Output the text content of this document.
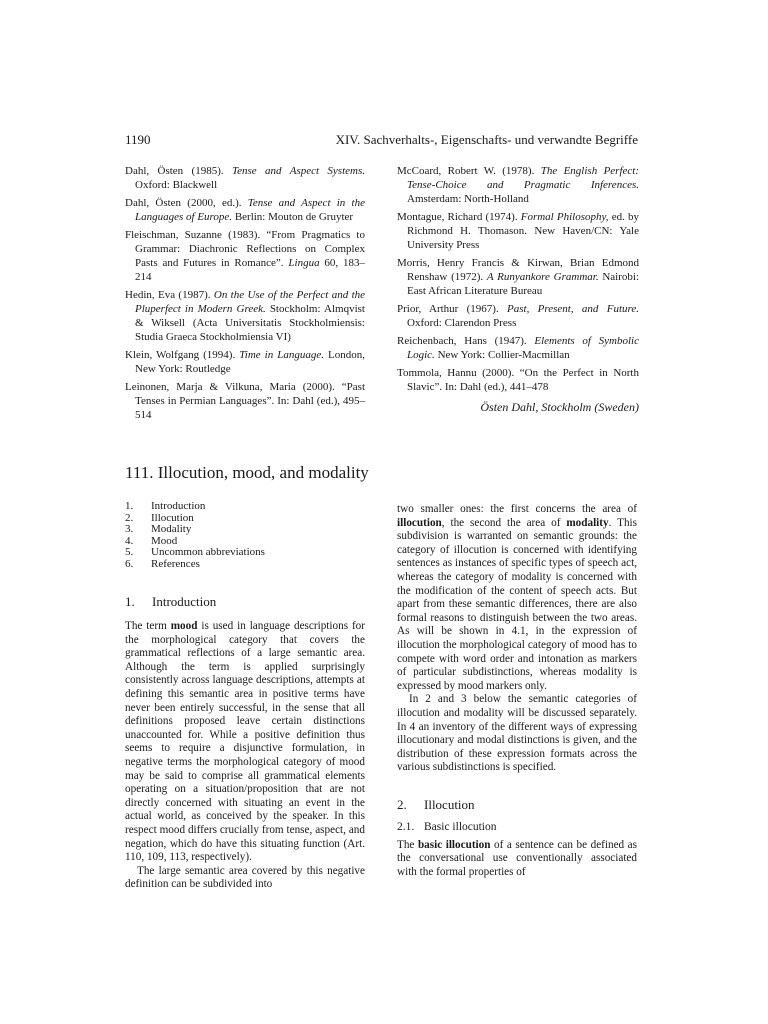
1190	XIV. Sachverhalts-, Eigenschafts- und verwandte Begriffe

Dahl, Östen (1985). Tense and Aspect Systems. Oxford: Blackwell

Dahl, Östen (2000, ed.). Tense and Aspect in the Languages of Europe. Berlin: Mouton de Gruyter

Fleischman, Suzanne (1983). “From Pragmatics to Grammar: Diachronic Reflections on Complex Pasts and Futures in Romance”. Lingua 60, 183–214

Hedin, Eva (1987). On the Use of the Perfect and the Pluperfect in Modern Greek. Stockholm: Almqvist & Wiksell (Acta Universitatis Stockholmiensis: Studia Graeca Stockholmiensia VI)

Klein, Wolfgang (1994). Time in Language. London, New York: Routledge

Leinonen, Marja & Vilkuna, Maria (2000). “Past Tenses in Permian Languages”. In: Dahl (ed.), 495–514

McCoard, Robert W. (1978). The English Perfect: Tense-Choice and Pragmatic Inferences. Amsterdam: North-Holland

Montague, Richard (1974). Formal Philosophy, ed. by Richmond H. Thomason. New Haven/CN: Yale University Press

Morris, Henry Francis & Kirwan, Brian Edmond Renshaw (1972). A Runyankore Grammar. Nairobi: East African Literature Bureau

Prior, Arthur (1967). Past, Present, and Future. Oxford: Clarendon Press

Reichenbach, Hans (1947). Elements of Symbolic Logic. New York: Collier-Macmillan

Tommola, Hannu (2000). “On the Perfect in North Slavic”. In: Dahl (ed.), 441–478

Östen Dahl, Stockholm (Sweden)
111. Illocution, mood, and modality
1.	Introduction
2.	Illocution
3.	Modality
4.	Mood
5.	Uncommon abbreviations
6.	References

1. Introduction

The term mood is used in language descriptions for the morphological category that covers the grammatical reflections of a large semantic area. Although the term is applied surprisingly consistently across language descriptions, attempts at defining this semantic area in positive terms have never been entirely successful, in the sense that all definitions proposed leave certain distinctions unaccounted for. While a positive definition thus seems to require a disjunctive formulation, in negative terms the morphological category of mood may be said to comprise all grammatical elements operating on a situation/proposition that are not directly concerned with situating an event in the actual world, as conceived by the speaker. In this respect mood differs crucially from tense, aspect, and negation, which do have this situating function (Art. 110, 109, 113, respectively).

The large semantic area covered by this negative definition can be subdivided into

two smaller ones: the first concerns the area of illocution, the second the area of modality. This subdivision is warranted on semantic grounds: the category of illocution is concerned with identifying sentences as instances of specific types of speech act, whereas the category of modality is concerned with the modification of the content of speech acts. But apart from these semantic differences, there are also formal reasons to distinguish between the two areas. As will be shown in 4.1, in the expression of illocution the morphological category of mood has to compete with word order and intonation as markers of particular subdistinctions, whereas modality is expressed by mood markers only.

In 2 and 3 below the semantic categories of illocution and modality will be discussed separately. In 4 an inventory of the different ways of expressing illocutionary and modal distinctions is given, and the distribution of these expression formats across the various subdistinctions is specified.

2. Illocution

2.1. Basic illocution

The basic illocution of a sentence can be defined as the conversational use conventionally associated with the formal properties of
